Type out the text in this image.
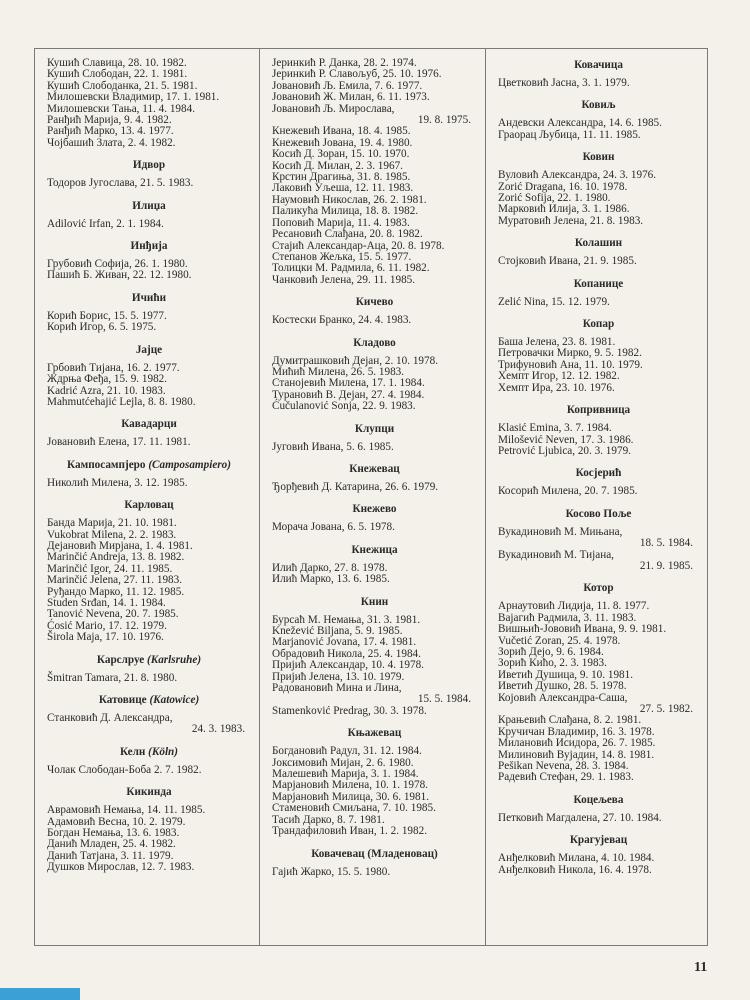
Кушић Славица, 28. 10. 1982.
Кушић Слободан, 22. 1. 1981.
Кушић Слободанка, 21. 5. 1981.
Милошевски Владимир, 17. 1. 1981.
Милошевски Тања, 11. 4. 1984.
Ранђић Марија, 9. 4. 1982.
Ранђић Марко, 13. 4. 1977.
Чојбашић Злата, 2. 4. 1982.
Идвор
Тодоров Југослава, 21. 5. 1983.
Илиџа
Adilović Irfan, 2. 1. 1984.
Инђија
Грубовић Софија, 26. 1. 1980.
Пашић Б. Живан, 22. 12. 1980.
Ичићи
Корић Борис, 15. 5. 1977.
Корић Игор, 6. 5. 1975.
Јајце
Грбовић Тијана, 16. 2. 1977.
Ждрња Феђа, 15. 9. 1982.
Kadrić Azra, 21. 10. 1983.
Mahmutćehajić Lejla, 8. 8. 1980.
Кавадарци
Јовановић Елена, 17. 11. 1981.
Кампосампјеро (Camposampiero)
Николић Милена, 3. 12. 1985.
Карловац
Банда Марија, 21. 10. 1981.
Vukobrat Milena, 2. 2. 1983.
Дејановић Мирјана, 1. 4. 1981.
Marinčić Andreja, 13. 8. 1982.
Marinčić Igor, 24. 11. 1985.
Marinčić Jelena, 27. 11. 1983.
Руђандо Марко, 11. 12. 1985.
Studen Srđan, 14. 1. 1984.
Tanović Nevena, 20. 7. 1985.
Ćosić Mario, 17. 12. 1979.
Širola Maja, 17. 10. 1976.
Карслруе (Karlsruhe)
Šmitran Tamara, 21. 8. 1980.
Катовице (Katowice)
Станковић Д. Александра,
24. 3. 1983.
Келн (Köln)
Чолак Слободан-Боба 2. 7. 1982.
Кикинда
Аврамовић Немања, 14. 11. 1985.
Адамовић Весна, 10. 2. 1979.
Богдан Немања, 13. 6. 1983.
Данић Младен, 25. 4. 1982.
Данић Татјана, 3. 11. 1979.
Душков Мирослав, 12. 7. 1983.
Јеринкић Р. Данка, 28. 2. 1974.
Јеринкић Р. Славољуб, 25. 10. 1976.
Јовановић Љ. Емила, 7. 6. 1977.
Јовановић Ж. Милан, 6. 11. 1973.
Јовановић Љ. Мирослава,
19. 8. 1975.
Кнежевић Ивана, 18. 4. 1985.
Кнежевић Јована, 19. 4. 1980.
Косић Д. Зоран, 15. 10. 1970.
Косић Д. Милан, 2. 3. 1967.
Крстин Драгиња, 31. 8. 1985.
Лаковић Уљеша, 12. 11. 1983.
Наумовић Никослав, 26. 2. 1981.
Паликућа Милица, 18. 8. 1982.
Поповић Марија, 11. 4. 1983.
Ресановић Слађана, 20. 8. 1982.
Стајић Александар-Аца, 20. 8. 1978.
Степанов Жељка, 15. 5. 1977.
Толицки М. Радмила, 6. 11. 1982.
Чанковић Јелена, 29. 11. 1985.
Кичево
Костески Бранко, 24. 4. 1983.
Кладово
Думитрашковић Дејан, 2. 10. 1978.
Мићић Милена, 26. 5. 1983.
Станојевић Милена, 17. 1. 1984.
Турановић В. Дејан, 27. 4. 1984.
Ćučulanović Sonja, 22. 9. 1983.
Клупци
Југовић Ивана, 5. 6. 1985.
Кнежевац
Ђорђевић Д. Катарина, 26. 6. 1979.
Кнежево
Морача Јована, 6. 5. 1978.
Кнежица
Илић Дарко, 27. 8. 1978.
Илић Марко, 13. 6. 1985.
Книн
Бурсаћ М. Немања, 31. 3. 1981.
Knežević Biljana, 5. 9. 1985.
Marjanović Jovana, 17. 4. 1981.
Обрадовић Никола, 25. 4. 1984.
Пријић Александар, 10. 4. 1978.
Пријић Јелена, 13. 10. 1979.
Радовановић Мина и Лина,
15. 5. 1984.
Stamenković Predrag, 30. 3. 1978.
Књажевац
Богдановић Радул, 31. 12. 1984.
Јоксимовић Мијан, 2. 6. 1980.
Малешевић Марија, 3. 1. 1984.
Марјановић Милена, 10. 1. 1978.
Марјановић Милица, 30. 6. 1981.
Стаменовић Смиљана, 7. 10. 1985.
Тасић Дарко, 8. 7. 1981.
Трандафиловић Иван, 1. 2. 1982.
Ковачевац (Младеновац)
Гајић Жарко, 15. 5. 1980.
Ковачица
Цветковић Јасна, 3. 1. 1979.
Ковиљ
Андевски Александра, 14. 6. 1985.
Граорац Љубица, 11. 11. 1985.
Ковин
Вуловић Александра, 24. 3. 1976.
Zorić Dragana, 16. 10. 1978.
Zorić Sofija, 22. 1. 1980.
Марковић Илија, 3. 1. 1986.
Муратовић Јелена, 21. 8. 1983.
Колашин
Стојковић Ивана, 21. 9. 1985.
Копанице
Zelić Nina, 15. 12. 1979.
Копар
Баша Јелена, 23. 8. 1981.
Петровачки Мирко, 9. 5. 1982.
Трифуновић Ана, 11. 10. 1979.
Хемпт Игор, 12. 12. 1982.
Хемпт Ира, 23. 10. 1976.
Копривница
Klasić Emina, 3. 7. 1984.
Milošević Neven, 17. 3. 1986.
Petrović Ljubica, 20. 3. 1979.
Косјерић
Косорић Милена, 20. 7. 1985.
Косово Поље
Вукадиновић М. Мињана,
18. 5. 1984.
Вукадиновић М. Тијана,
21. 9. 1985.
Котор
Арнаутовић Лидија, 11. 8. 1977.
Вајагић Радмила, 3. 11. 1983.
Вишњић-Јововић Ивана, 9. 9. 1981.
Vučetić Zoran, 25. 4. 1978.
Зорић Дејо, 9. 6. 1984.
Зорић Кићо, 2. 3. 1983.
Иветић Душица, 9. 10. 1981.
Иветић Душко, 28. 5. 1978.
Којовић Александра-Саша,
27. 5. 1982.
Крањевић Слађана, 8. 2. 1981.
Кручичан Владимир, 16. 3. 1978.
Милановић Исидора, 26. 7. 1985.
Милиновић Вујадин, 14. 8. 1981.
Pešikan Nevena, 28. 3. 1984.
Радевић Стефан, 29. 1. 1983.
Коцељева
Петковић Магдалена, 27. 10. 1984.
Крагујевац
Анђелковић Милана, 4. 10. 1984.
Анђелковић Никола, 16. 4. 1978.
11
